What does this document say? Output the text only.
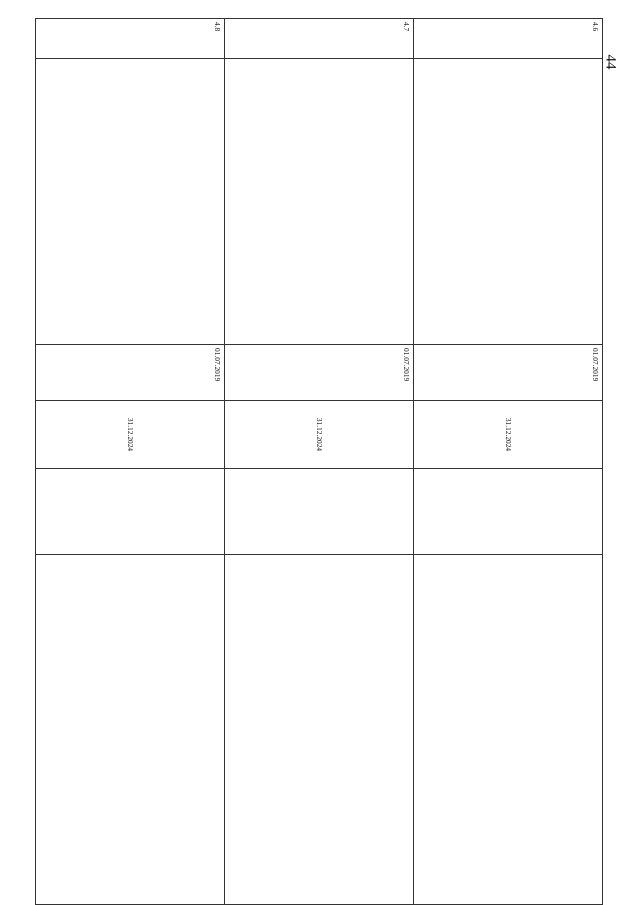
44
4.6		01.07.2019	31.12.2024		
4.7		01.07.2019	31.12.2024		
4.8		01.07.2019	31.12.2024		
